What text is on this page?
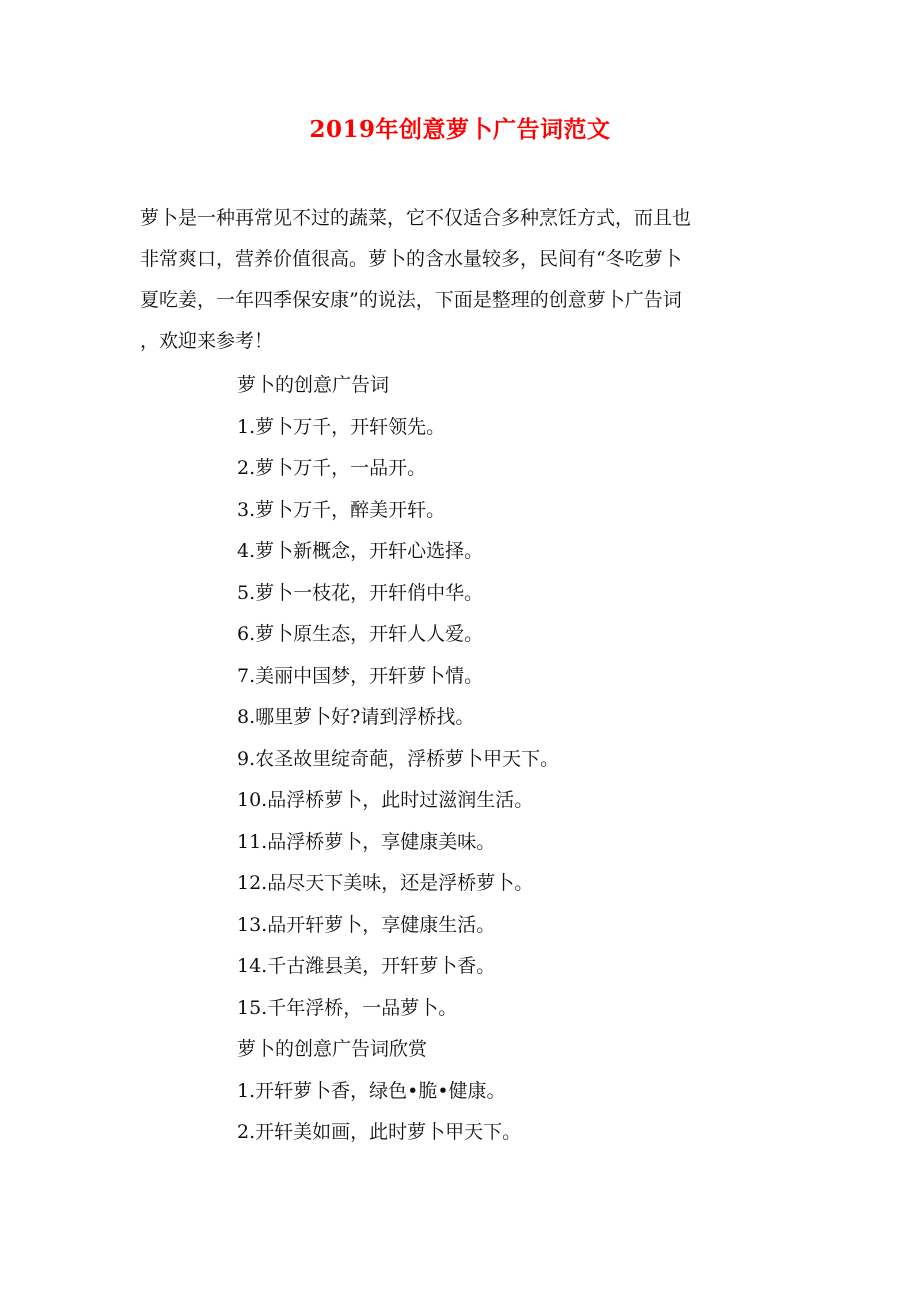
2019年创意萝卜广告词范文
萝卜是一种再常见不过的蔬菜，它不仅适合多种烹饪方式，而且也
非常爽口，营养价值很高。萝卜的含水量较多，民间有“冬吃萝卜
夏吃姜，一年四季保安康”的说法，下面是整理的创意萝卜广告词
，欢迎来参考！
萝卜的创意广告词
1.萝卜万千，开轩领先。
2.萝卜万千，一品开。
3.萝卜万千，醉美开轩。
4.萝卜新概念，开轩心选择。
5.萝卜一枝花，开轩俏中华。
6.萝卜原生态，开轩人人爱。
7.美丽中国梦，开轩萝卜情。
8.哪里萝卜好?请到浮桥找。
9.农圣故里绽奇葩，浮桥萝卜甲天下。
10.品浮桥萝卜，此时过滋润生活。
11.品浮桥萝卜，享健康美味。
12.品尽天下美味，还是浮桥萝卜。
13.品开轩萝卜，享健康生活。
14.千古潍县美，开轩萝卜香。
15.千年浮桥，一品萝卜。
萝卜的创意广告词欣赏
1.开轩萝卜香，绿色•脆•健康。
2.开轩美如画，此时萝卜甲天下。
